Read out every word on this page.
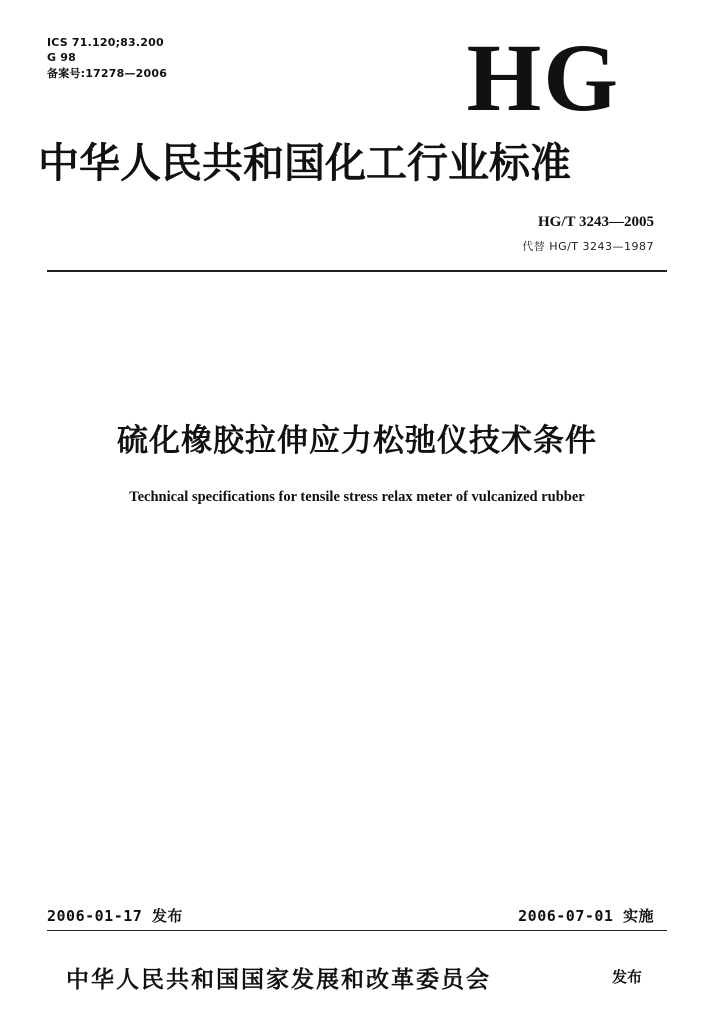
ICS 71.120;83.200
G 98
备案号:17278—2006	HG
中华人民共和国化工行业标准
HG/T 3243—2005
代替 HG/T 3243—1987
硫化橡胶拉伸应力松弛仪技术条件
Technical specifications for tensile stress relax meter of vulcanized rubber
2006-01-17 发布	2006-07-01 实施
中华人民共和国国家发展和改革委员会	发布
